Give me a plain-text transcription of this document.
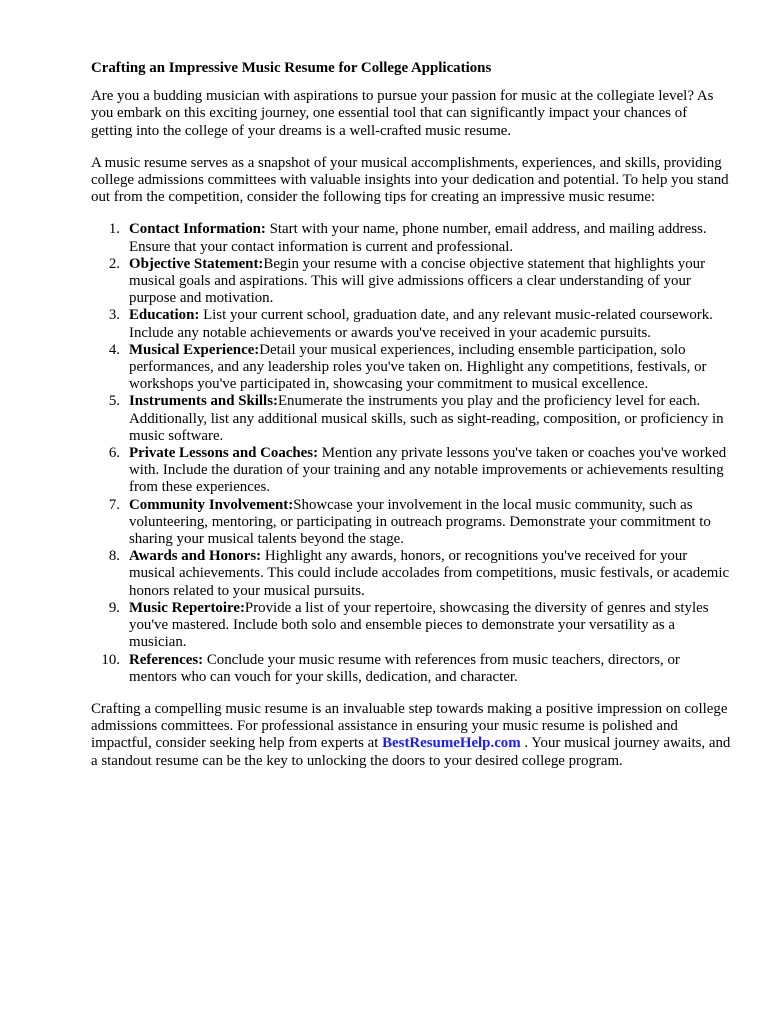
Crafting an Impressive Music Resume for College Applications

Are you a budding musician with aspirations to pursue your passion for music at the collegiate level? As you embark on this exciting journey, one essential tool that can significantly impact your chances of getting into the college of your dreams is a well-crafted music resume.

A music resume serves as a snapshot of your musical accomplishments, experiences, and skills, providing college admissions committees with valuable insights into your dedication and potential. To help you stand out from the competition, consider the following tips for creating an impressive music resume:

1. Contact Information: Start with your name, phone number, email address, and mailing address. Ensure that your contact information is current and professional.
2. Objective Statement:Begin your resume with a concise objective statement that highlights your musical goals and aspirations. This will give admissions officers a clear understanding of your purpose and motivation.
3. Education: List your current school, graduation date, and any relevant music-related coursework. Include any notable achievements or awards you've received in your academic pursuits.
4. Musical Experience:Detail your musical experiences, including ensemble participation, solo performances, and any leadership roles you've taken on. Highlight any competitions, festivals, or workshops you've participated in, showcasing your commitment to musical excellence.
5. Instruments and Skills:Enumerate the instruments you play and the proficiency level for each. Additionally, list any additional musical skills, such as sight-reading, composition, or proficiency in music software.
6. Private Lessons and Coaches: Mention any private lessons you've taken or coaches you've worked with. Include the duration of your training and any notable improvements or achievements resulting from these experiences.
7. Community Involvement:Showcase your involvement in the local music community, such as volunteering, mentoring, or participating in outreach programs. Demonstrate your commitment to sharing your musical talents beyond the stage.
8. Awards and Honors: Highlight any awards, honors, or recognitions you've received for your musical achievements. This could include accolades from competitions, music festivals, or academic honors related to your musical pursuits.
9. Music Repertoire:Provide a list of your repertoire, showcasing the diversity of genres and styles you've mastered. Include both solo and ensemble pieces to demonstrate your versatility as a musician.
10. References: Conclude your music resume with references from music teachers, directors, or mentors who can vouch for your skills, dedication, and character.

Crafting a compelling music resume is an invaluable step towards making a positive impression on college admissions committees. For professional assistance in ensuring your music resume is polished and impactful, consider seeking help from experts at BestResumeHelp.com . Your musical journey awaits, and a standout resume can be the key to unlocking the doors to your desired college program.
